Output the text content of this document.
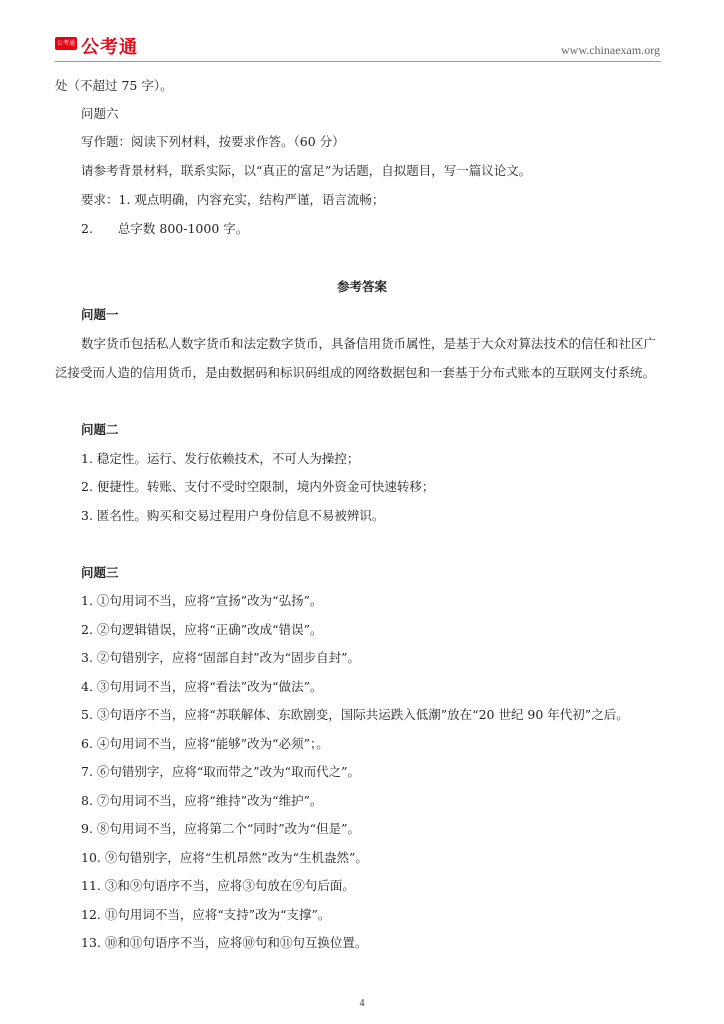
公考通 公考通	www.chinaexam.org
处（不超过 75 字）。
问题六
写作题：阅读下列材料，按要求作答。（60 分）
请参考背景材料，联系实际，以“真正的富足”为话题，自拟题目，写一篇议论文。
要求：1. 观点明确，内容充实，结构严谨，语言流畅；
2.　　总字数 800-1000 字。
参考答案
问题一
数字货币包括私人数字货币和法定数字货币，具备信用货币属性，是基于大众对算法技术的信任和社区广
泛接受而人造的信用货币，是由数据码和标识码组成的网络数据包和一套基于分布式账本的互联网支付系统。
问题二
1. 稳定性。运行、发行依赖技术，不可人为操控；
2. 便捷性。转账、支付不受时空限制，境内外资金可快速转移；
3. 匿名性。购买和交易过程用户身份信息不易被辨识。
问题三
1. ①句用词不当，应将“宣扬”改为“弘扬”。
2. ②句逻辑错误，应将“正确”改成“错误”。
3. ②句错别字，应将“固部自封”改为“固步自封”。
4. ③句用词不当，应将“看法”改为“做法”。
5. ③句语序不当，应将“苏联解体、东欧剧变，国际共运跌入低潮”放在“20 世纪 90 年代初”之后。
6. ④句用词不当，应将“能够”改为“必须”；。
7. ⑥句错别字，应将“取而带之”改为“取而代之”。
8. ⑦句用词不当，应将“维持”改为“维护”。
9. ⑧句用词不当，应将第二个“同时”改为“但是”。
10. ⑨句错别字，应将“生机昂然”改为“生机盎然”。
11. ③和⑨句语序不当，应将③句放在⑨句后面。
12. ⑪句用词不当，应将“支持”改为“支撑”。
13. ⑩和⑪句语序不当，应将⑩句和⑪句互换位置。
4
